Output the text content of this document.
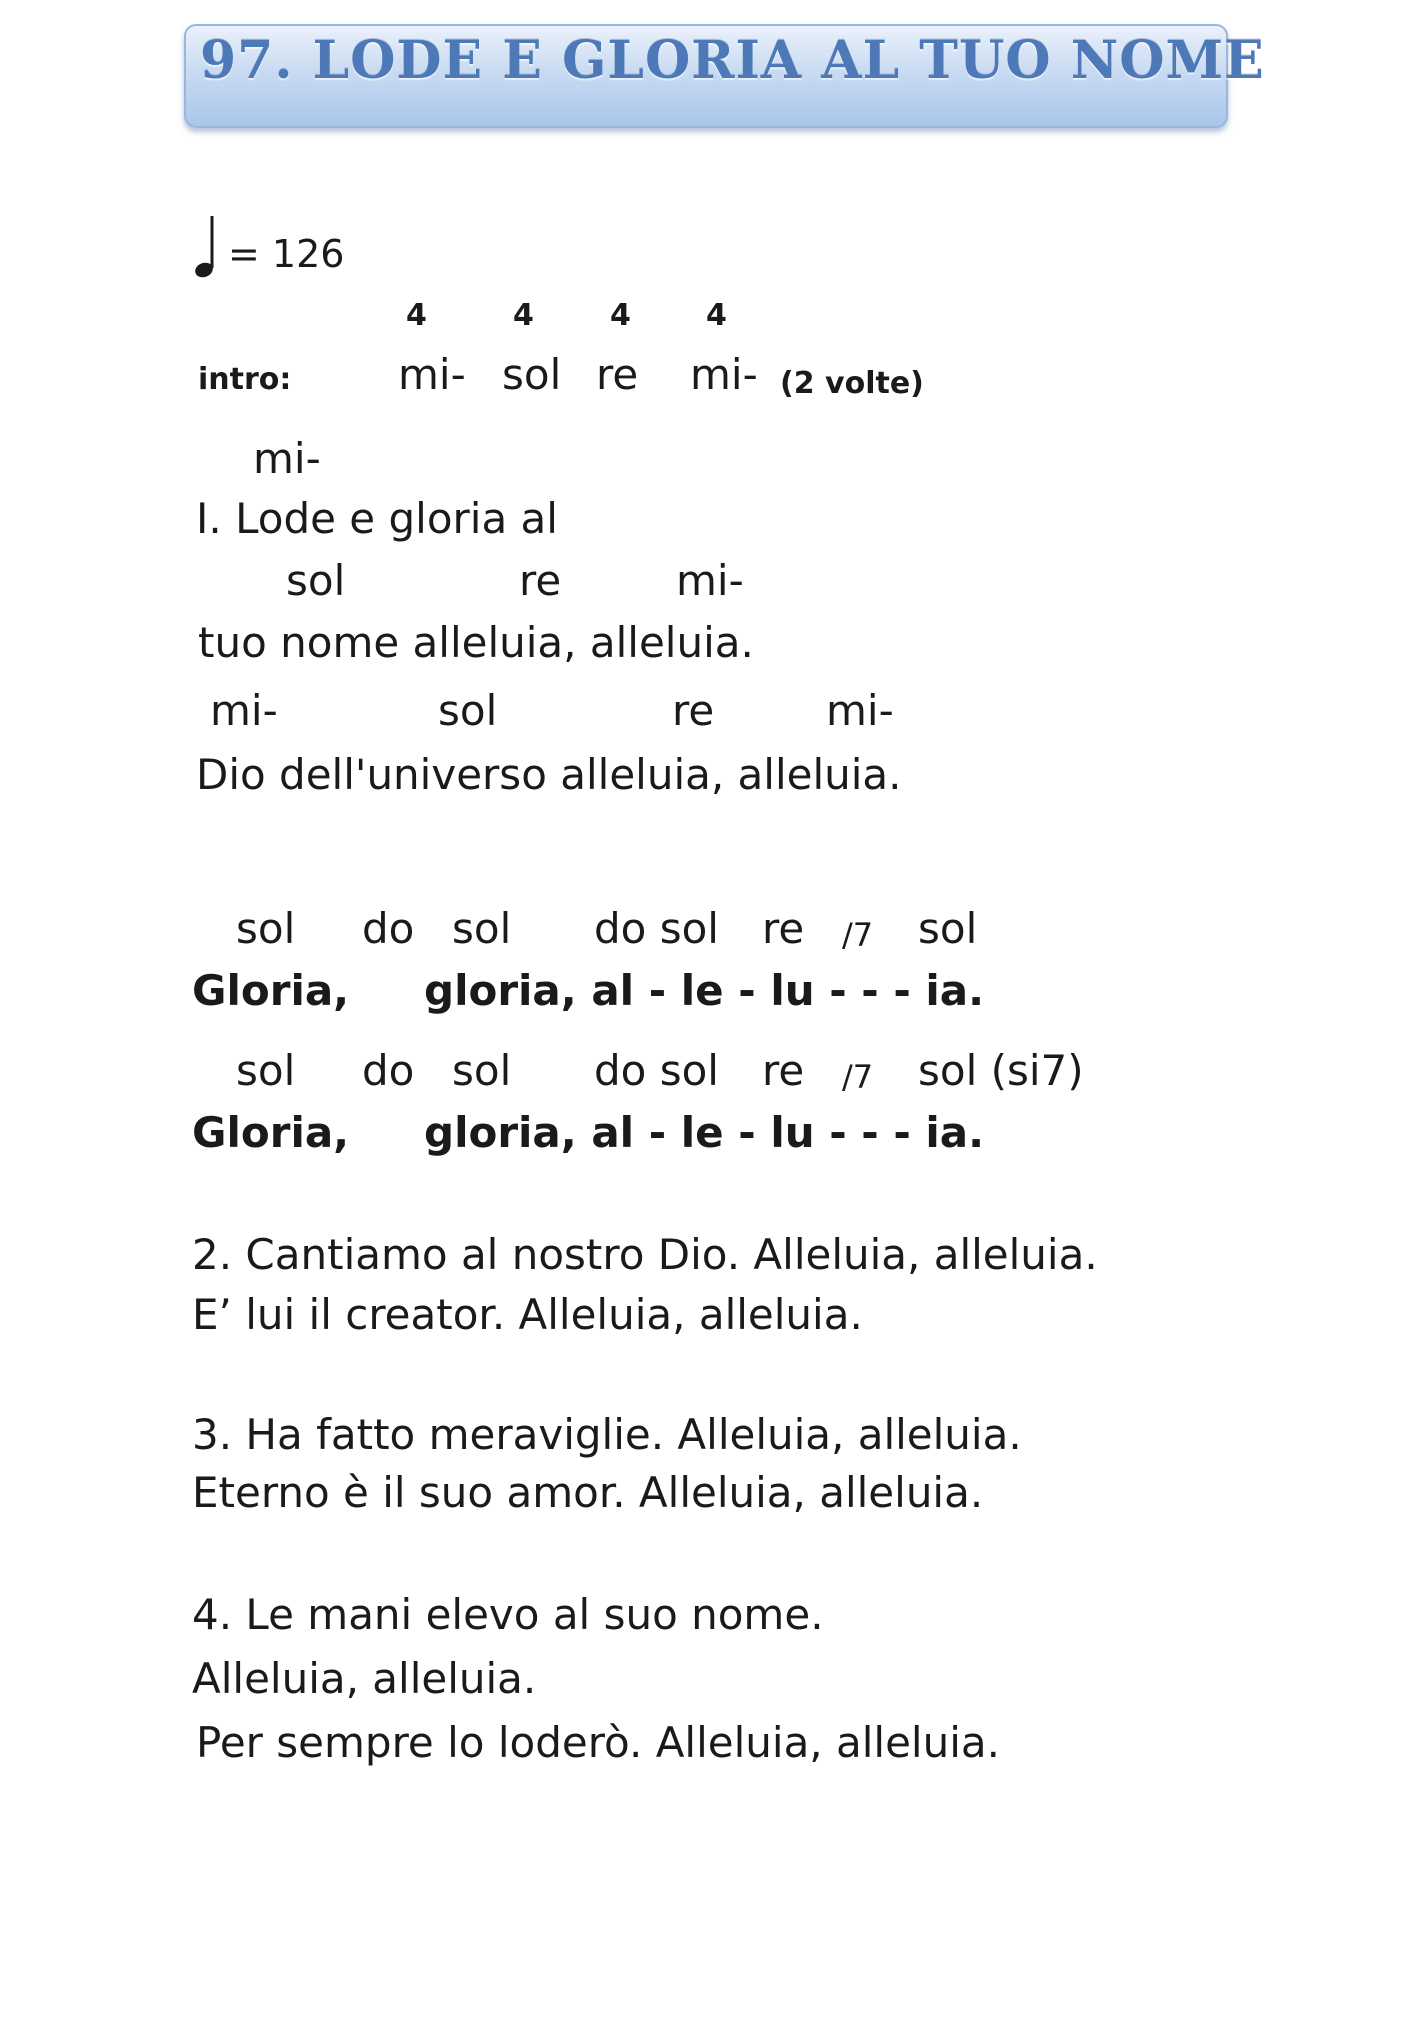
97. LODE E GLORIA AL TUO NOME
= 126
4	4	4	4
intro:	mi- sol re mi- (2 volte)
mi-
I. Lode e gloria al
sol	re	mi-
tuo nome alleluia, alleluia.
mi-	sol	re	mi-
Dio dell'universo alleluia, alleluia.
sol do sol do sol re /7 sol
Gloria, gloria, al - le - lu - - - ia.
sol do sol do sol re /7 sol (si7)
Gloria, gloria, al - le - lu - - - ia.
2. Cantiamo al nostro Dio. Alleluia, alleluia.
E’ lui il creator. Alleluia, alleluia.
3. Ha fatto meraviglie. Alleluia, alleluia.
Eterno è il suo amor. Alleluia, alleluia.
4. Le mani elevo al suo nome.
Alleluia, alleluia.
Per sempre lo loderò. Alleluia, alleluia.
